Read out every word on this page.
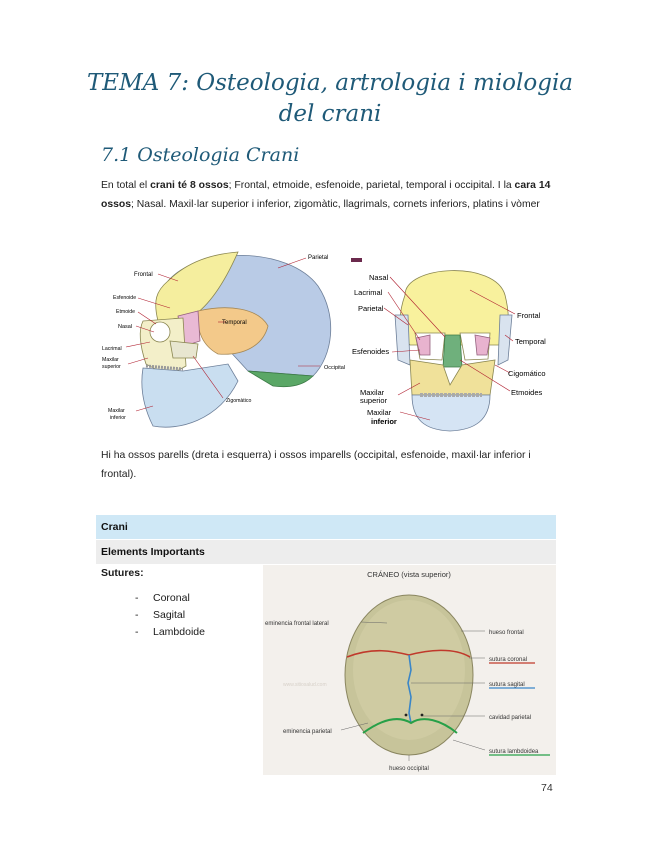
TEMA 7: Osteologia, artrologia i miologia
del crani
7.1 Osteologia Crani
En total el crani té 8 ossos; Frontal, etmoide, esfenoide, parietal, temporal i occipital. I la cara 14 ossos; Nasal. Maxil·lar superior i inferior, zigomàtic, llagrimals, cornets inferiors, platins i vòmer
Parietal
Frontal
Esfenoide
Etmoide
Nasal
Lacrimal
Maxilar
superior
Temporal
Occipital
Zigomàtico
Maxilar
inferior
Nasal
Lacrimal
Parietal
Esfenoides
Maxilar
superior
Maxilar
inferior
Frontal
Temporal
Cigomático
Etmoides
Hi ha ossos parells (dreta i esquerra) i ossos imparells (occipital, esfenoide, maxil·lar inferior i frontal).
Crani
Elements Importants
Sutures:
- Coronal
- Sagital
- Lambdoide
CRÁNEO (vista superior)
www.sitiosalud.com
eminencia frontal lateral
hueso frontal
sutura coronal
sutura sagital
cavidad parietal
eminencia parietal
sutura lambdoidea
hueso occipital
74
